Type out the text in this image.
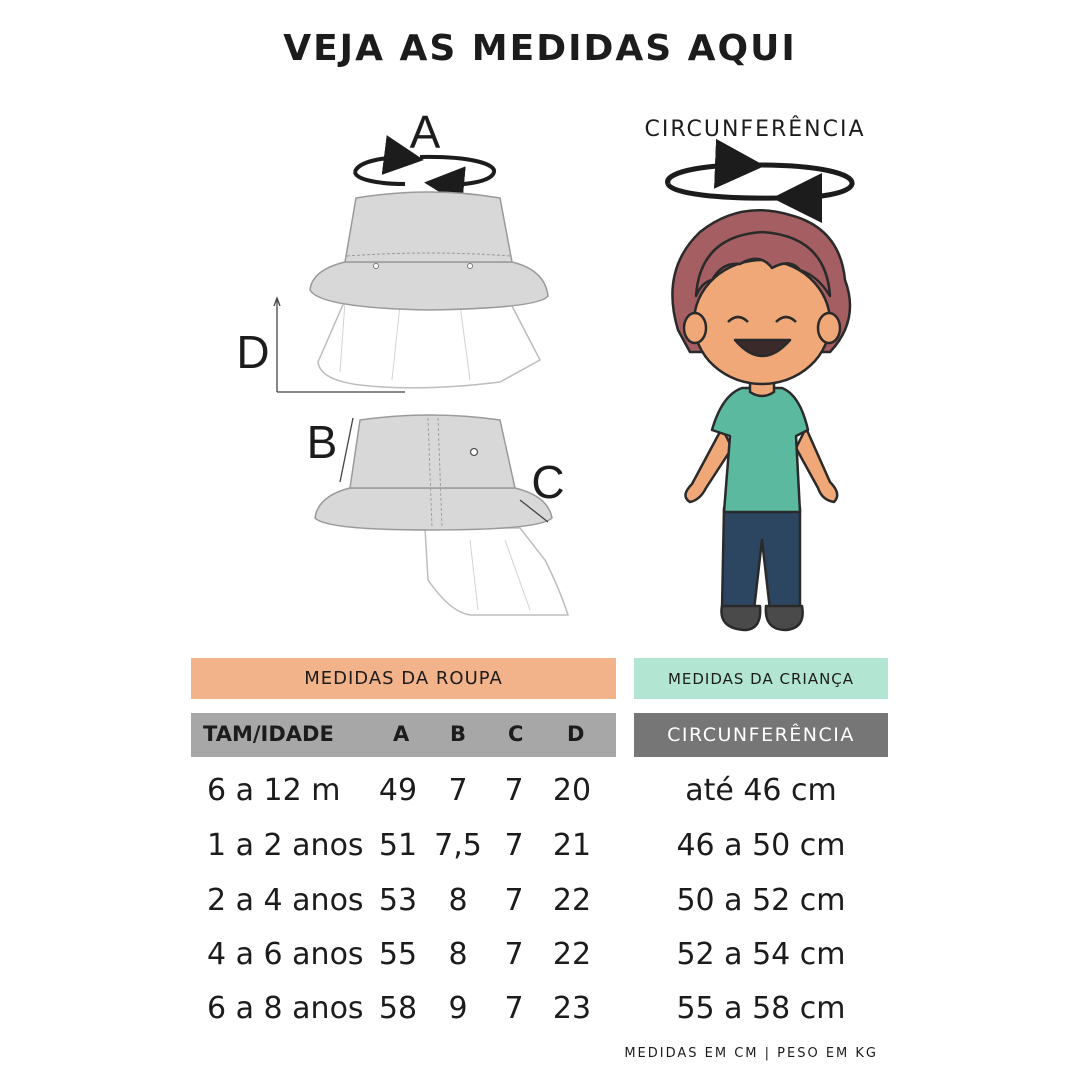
VEJA AS MEDIDAS AQUI
A
D
B
C
CIRCUNFERÊNCIA
MEDIDAS DA ROUPA	MEDIDAS DA CRIANÇA
TAM/IDADE	A B C D	CIRCUNFERÊNCIA
6 a 12 m	49	7	7 20	até 46 cm
1 a 2 anos 51 7,5 7 21	46 a 50 cm
2 a 4 anos 53	8	7 22	50 a 52 cm
4 a 6 anos 55	8	7 22	52 a 54 cm
6 a 8 anos 58	9	7 23	55 a 58 cm
MEDIDAS EM CM | PESO EM KG
